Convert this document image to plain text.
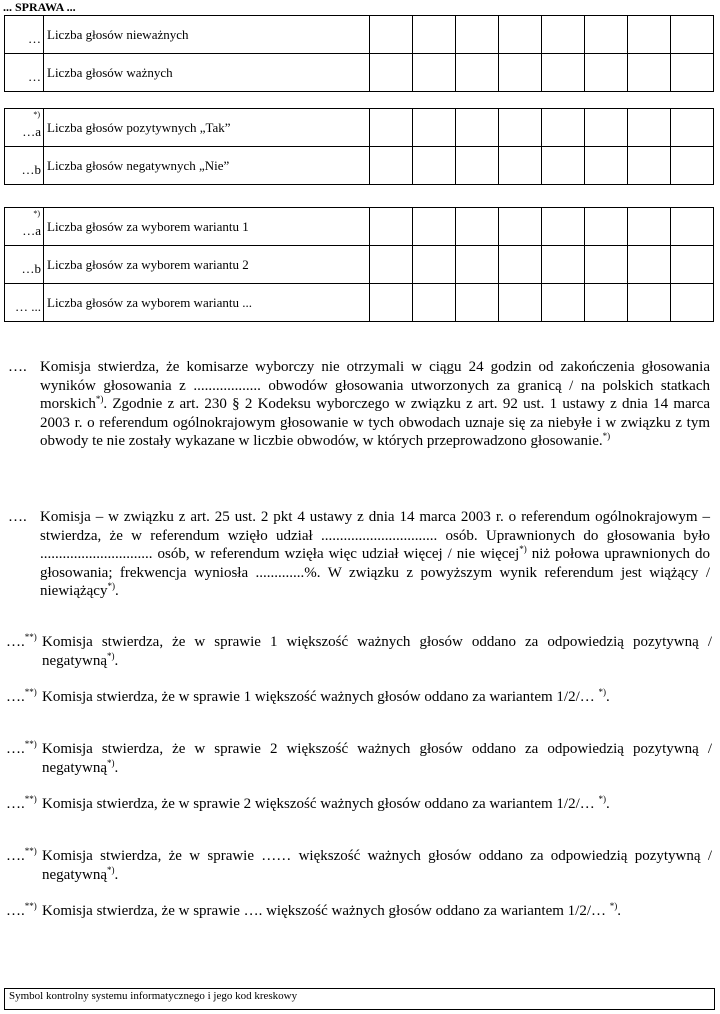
... SPRAWA ...
…	Liczba głosów nieważnych								

…	Liczba głosów ważnych								
*)
…a	Liczba głosów pozytywnych „Tak”								

…b	Liczba głosów negatywnych „Nie”								
*)
…a	Liczba głosów za wyborem wariantu 1								

…b	Liczba głosów za wyborem wariantu 2								

… ...	Liczba głosów za wyborem wariantu ...								
…. Komisja stwierdza, że komisarze wyborczy nie otrzymali w ciągu 24 godzin od zakończenia głosowania wyników głosowania z .................. obwodów głosowania utworzonych za granicą / na polskich statkach morskich*). Zgodnie z art. 230 § 2 Kodeksu wyborczego w związku z art. 92 ust. 1 ustawy z dnia 14 marca 2003 r. o referendum ogólnokrajowym głosowanie w tych obwodach uznaje się za niebyłe i w związku z tym obwody te nie zostały wykazane w liczbie obwodów, w których przeprowadzono głosowanie.*)
…. Komisja – w związku z art. 25 ust. 2 pkt 4 ustawy z dnia 14 marca 2003 r. o referendum ogólnokrajowym – stwierdza, że w referendum wzięło udział ............................... osób. Uprawnionych do głosowania było .............................. osób, w referendum wzięła więc udział więcej / nie więcej*) niż połowa uprawnionych do głosowania; frekwencja wyniosła .............%. W związku z powyższym wynik referendum jest wiążący / niewiążący*).
….**) Komisja stwierdza, że w sprawie 1 większość ważnych głosów oddano za odpowiedzią pozytywną / negatywną*).
….**) Komisja stwierdza, że w sprawie 1 większość ważnych głosów oddano za wariantem 1/2/… *).
….**) Komisja stwierdza, że w sprawie 2 większość ważnych głosów oddano za odpowiedzią pozytywną / negatywną*).
….**) Komisja stwierdza, że w sprawie 2 większość ważnych głosów oddano za wariantem 1/2/… *).
….**) Komisja stwierdza, że w sprawie …… większość ważnych głosów oddano za odpowiedzią pozytywną / negatywną*).
….**) Komisja stwierdza, że w sprawie …. większość ważnych głosów oddano za wariantem 1/2/… *).
Symbol kontrolny systemu informatycznego i jego kod kreskowy
